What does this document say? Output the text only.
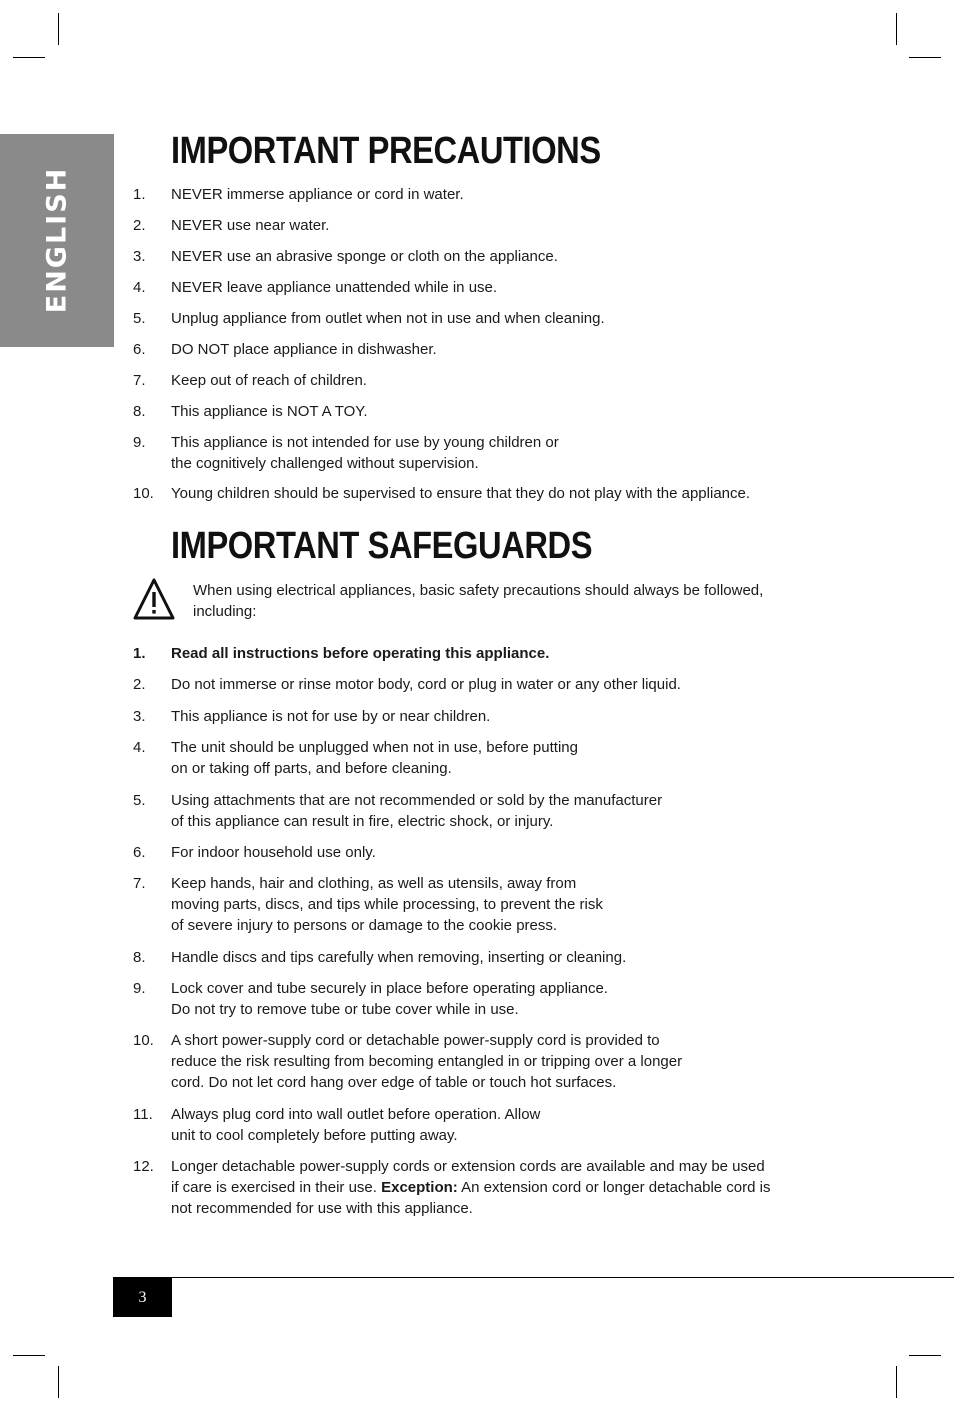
ENGLISH
IMPORTANT PRECAUTIONS
1. NEVER immerse appliance or cord in water.
2. NEVER use near water.
3. NEVER use an abrasive sponge or cloth on the appliance.
4. NEVER leave appliance unattended while in use.
5. Unplug appliance from outlet when not in use and when cleaning.
6. DO NOT place appliance in dishwasher.
7. Keep out of reach of children.
8. This appliance is NOT A TOY.
9. This appliance is not intended for use by young children or
the cognitively challenged without supervision.
10. Young children should be supervised to ensure that they do not play with the appliance.
IMPORTANT SAFEGUARDS
When using electrical appliances, basic safety precautions should always be followed,
including:
1. Read all instructions before operating this appliance.
2. Do not immerse or rinse motor body, cord or plug in water or any other liquid.
3. This appliance is not for use by or near children.
4. The unit should be unplugged when not in use, before putting
on or taking off parts, and before cleaning.
5. Using attachments that are not recommended or sold by the manufacturer
of this appliance can result in fire, electric shock, or injury.
6. For indoor household use only.
7. Keep hands, hair and clothing, as well as utensils, away from
moving parts, discs, and tips while processing, to prevent the risk
of severe injury to persons or damage to the cookie press.
8. Handle discs and tips carefully when removing, inserting or cleaning.
9. Lock cover and tube securely in place before operating appliance.
Do not try to remove tube or tube cover while in use.
10. A short power-supply cord or detachable power-supply cord is provided to
reduce the risk resulting from becoming entangled in or tripping over a longer
cord. Do not let cord hang over edge of table or touch hot surfaces.
11. Always plug cord into wall outlet before operation. Allow
unit to cool completely before putting away.
12. Longer detachable power-supply cords or extension cords are available and may be used
if care is exercised in their use. Exception: An extension cord or longer detachable cord is
not recommended for use with this appliance.
3
